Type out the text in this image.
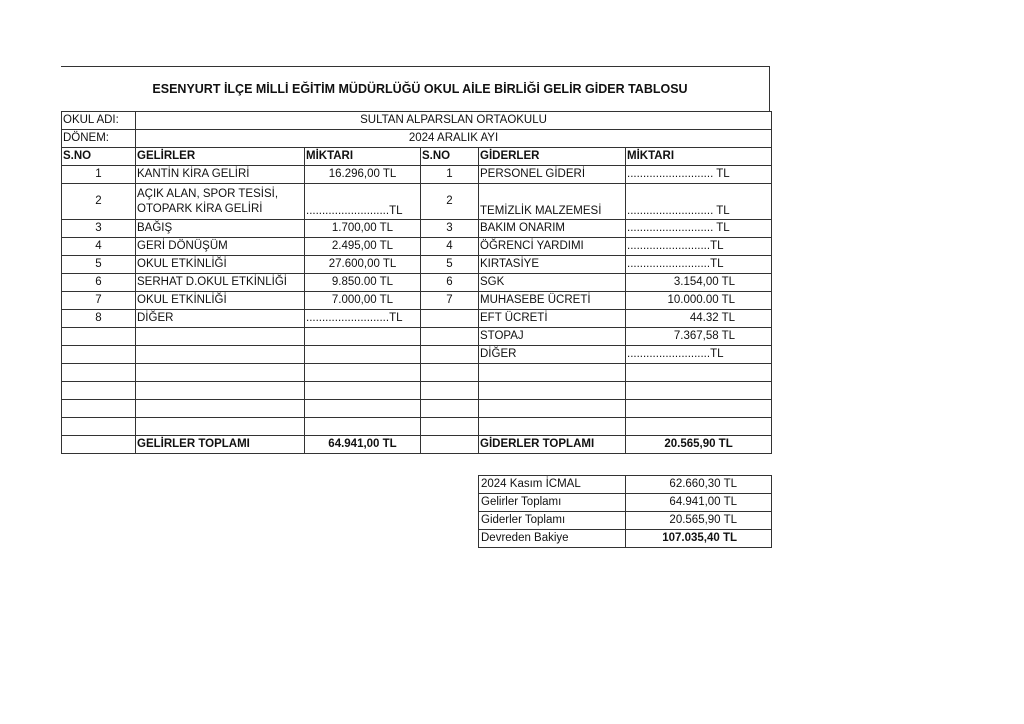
ESENYURT İLÇE MİLLİ EĞİTİM MÜDÜRLÜĞÜ OKUL AİLE BİRLİĞİ GELİR GİDER TABLOSU
OKUL ADI:	SULTAN ALPARSLAN ORTAOKULU				
DÖNEM:	2024 ARALIK AYI				
S.NO	GELİRLER	MİKTARI	S.NO	GİDERLER	MİKTARI
1	KANTİN KİRA GELİRİ	16.296,00 TL	1	PERSONEL GİDERİ	........................... TL
2	AÇIK ALAN, SPOR TESİSİ, OTOPARK KİRA GELİRİ	..........................TL	2	TEMİZLİK MALZEMESİ	........................... TL
3	BAĞIŞ	1.700,00 TL	3	BAKIM ONARIM	........................... TL
4	GERİ DÖNÜŞÜM	2.495,00 TL	4	ÖĞRENCİ YARDIMI	..........................TL
5	OKUL ETKİNLİĞİ	27.600,00 TL	5	KIRTASİYE	..........................TL
6	SERHAT D.OKUL ETKİNLİĞİ	9.850.00 TL	6	SGK	3.154,00 TL
7	OKUL ETKİNLİĞİ	7.000,00 TL	7	MUHASEBE ÜCRETİ	10.000.00 TL
8	DİĞER	..........................TL		EFT ÜCRETİ	44.32 TL
				STOPAJ	7.367,58 TL
				DİĞER	..........................TL

	GELİRLER TOPLAMI	64.941,00 TL		GİDERLER TOPLAMI	20.565,90 TL
2024 Kasım İCMAL	62.660,30 TL
Gelirler Toplamı	64.941,00 TL
Giderler Toplamı	20.565,90 TL
Devreden Bakiye	107.035,40 TL
